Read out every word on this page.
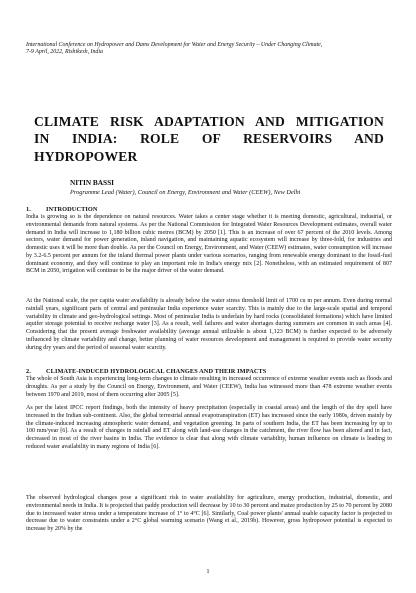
International Conference on Hydropower and Dams Development for Water and Energy Security – Under Changing Climate,
7-9 April, 2022, Rishikesh, India
CLIMATE RISK ADAPTATION AND MITIGATION
IN INDIA: ROLE OF RESERVOIRS AND
HYDROPOWER
NITIN BASSI
Programme Lead (Water), Council on Energy, Environment and Water (CEEW), New Delhi
1. INTRODUCTION

India is growing so is the dependence on natural resources. Water takes a center stage whether it is meeting domestic, agricultural, industrial, or environmental demands from natural systems. As per the National Commission for Integrated Water Resources Development estimates, overall water demand in India will increase to 1,180 billion cubic metres (BCM) by 2050 [1]. This is an increase of over 67 percent of the 2010 levels. Among sectors, water demand for power generation, inland navigation, and maintaining aquatic ecosystem will increase by three-fold, for industries and domestic uses it will be more than double. As per the Council on Energy, Environment, and Water (CEEW) estimates, water consumption will increase by 3.2-6.5 percent per annum for the inland thermal power plants under various scenarios, ranging from renewable energy dominant to the fossil-fuel dominant economy, and they will continue to play an important role in India's energy mix [2]. Nonetheless, with an estimated requirement of 807 BCM in 2050, irrigation will continue to be the major driver of the water demand.

At the National scale, the per capita water availability is already below the water stress threshold limit of 1700 cu m per annum. Even during normal rainfall years, significant parts of central and peninsular India experience water scarcity. This is mainly due to the large-scale spatial and temporal variability in climate and geo-hydrological settings. Most of peninsular India is underlain by hard rocks (consolidated formations) which have limited aquifer storage potential to receive recharge water [3]. As a result, well failures and water shortages during summers are common in such areas [4]. Considering that the present average freshwater availability (average annual utilizable is about 1,123 BCM) is further expected to be adversely influenced by climate variability and change, better planning of water resources development and management is required to provide water security during dry years and the period of seasonal water scarcity.

2. CLIMATE-INDUCED HYDROLOGICAL CHANGES AND THEIR IMPACTS

The whole of South Asia is experiencing long-term changes to climate resulting in increased occurrence of extreme weather events such as floods and droughts. As per a study by the Council on Energy, Environment, and Water (CEEW), India has witnessed more than 478 extreme weather events between 1970 and 2019, most of them occurring after 2005 [5].

As per the latest IPCC report findings, both the intensity of heavy precipitation (especially in coastal areas) and the length of the dry spell have increased in the Indian sub-continent. Also, the global terrestrial annual evapotranspiration (ET) has increased since the early 1980s, driven mainly by the climate-induced increasing atmospheric water demand, and vegetation greening. In parts of southern India, the ET has been increasing by up to 100 mm/year [6]. As a result of changes in rainfall and ET along with land-use changes in the catchment, the river flow has been altered and in fact, decreased in most of the river basins in India. The evidence is clear that along with climate variability, human influence on climate is leading to reduced water availability in many regions of India [6].

The observed hydrological changes pose a significant risk to water availability for agriculture, energy production, industrial, domestic, and environmental needs in India. It is projected that paddy production will decrease by 10 to 30 percent and maize production by 25 to 70 percent by 2080 due to increased water stress under a temperature increase of 1° to 4°C [6]. Similarly, Coal power plants' annual usable capacity factor is projected to decrease due to water constraints under a 2°C global warming scenario (Wang et al., 2019b). However, gross hydropower potential is expected to increase by 20% by the

1
